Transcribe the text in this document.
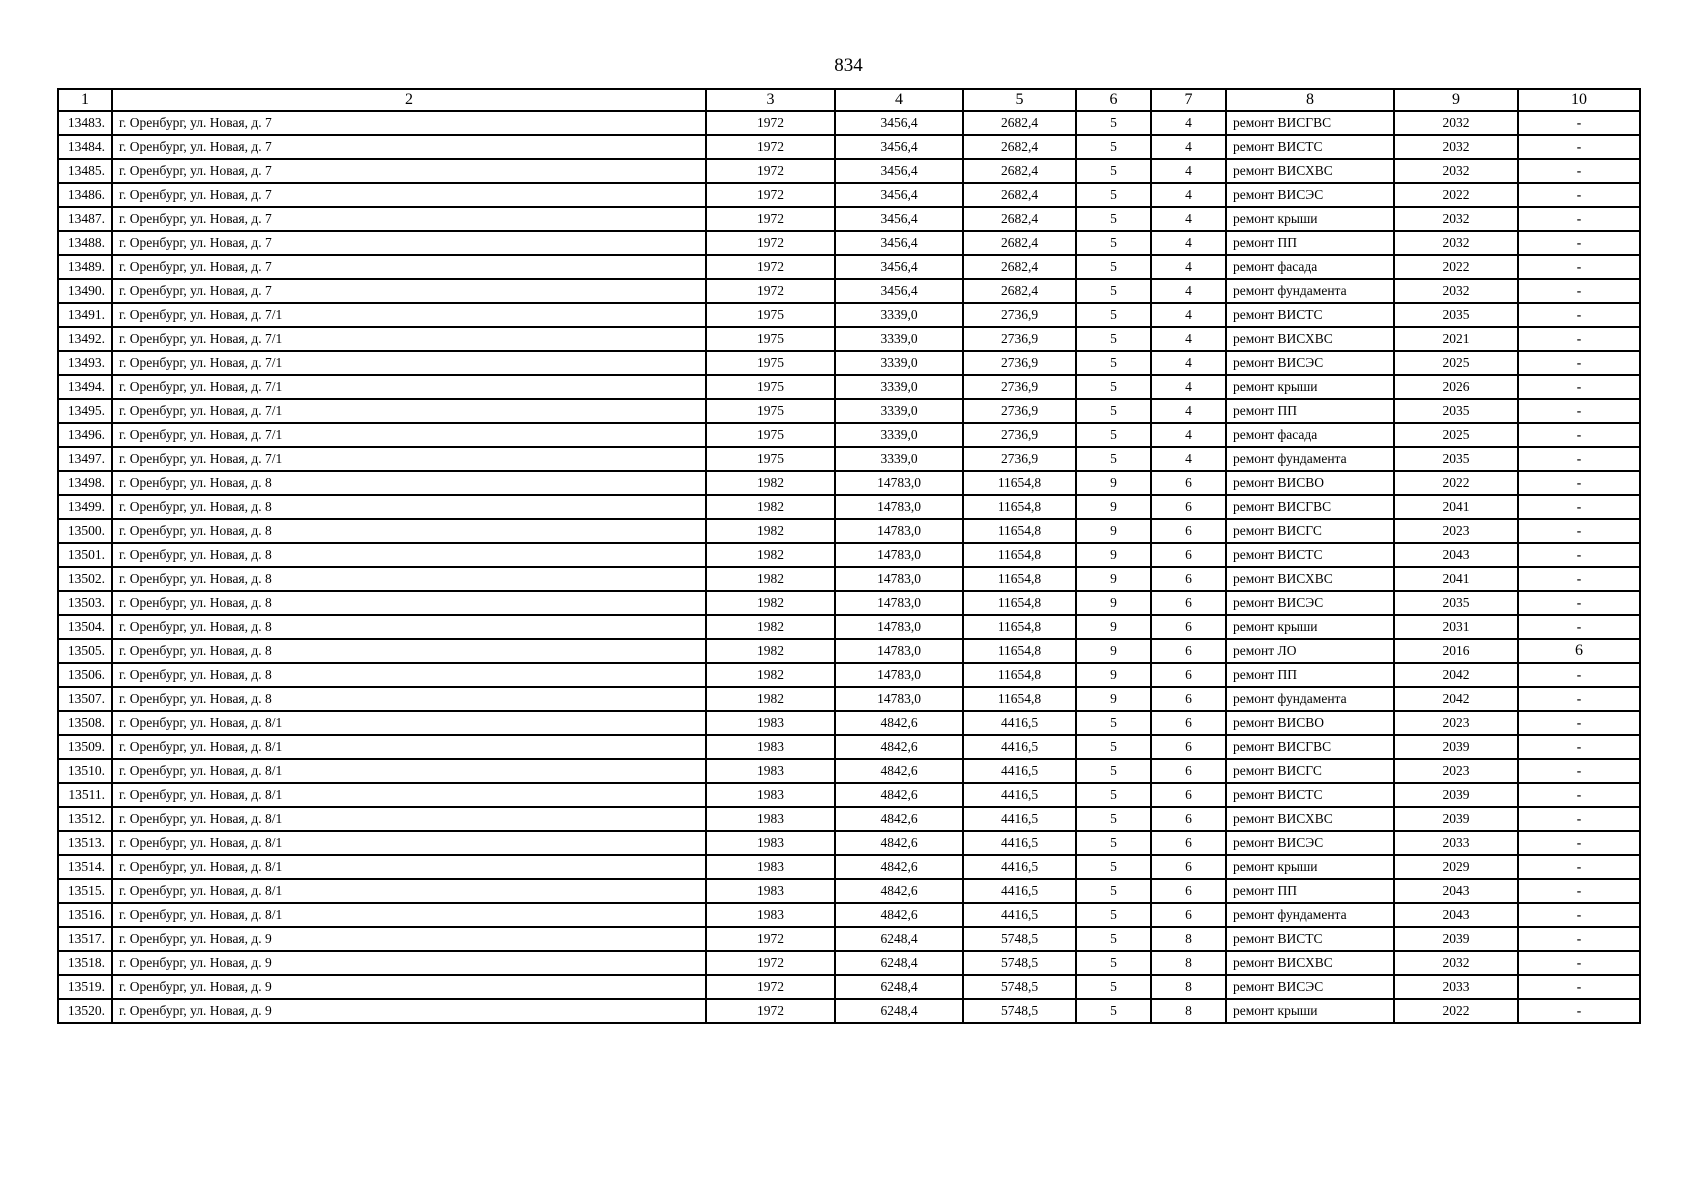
834
1	2	3	4	5	6	7	8	9	10
13483.	г. Оренбург, ул. Новая, д. 7	1972	3456,4	2682,4	5	4	ремонт ВИСГВС	2032	-
13484.	г. Оренбург, ул. Новая, д. 7	1972	3456,4	2682,4	5	4	ремонт ВИСТС	2032	-
13485.	г. Оренбург, ул. Новая, д. 7	1972	3456,4	2682,4	5	4	ремонт ВИСХВС	2032	-
13486.	г. Оренбург, ул. Новая, д. 7	1972	3456,4	2682,4	5	4	ремонт ВИСЭС	2022	-
13487.	г. Оренбург, ул. Новая, д. 7	1972	3456,4	2682,4	5	4	ремонт крыши	2032	-
13488.	г. Оренбург, ул. Новая, д. 7	1972	3456,4	2682,4	5	4	ремонт ПП	2032	-
13489.	г. Оренбург, ул. Новая, д. 7	1972	3456,4	2682,4	5	4	ремонт фасада	2022	-
13490.	г. Оренбург, ул. Новая, д. 7	1972	3456,4	2682,4	5	4	ремонт фундамента	2032	-
13491.	г. Оренбург, ул. Новая, д. 7/1	1975	3339,0	2736,9	5	4	ремонт ВИСТС	2035	-
13492.	г. Оренбург, ул. Новая, д. 7/1	1975	3339,0	2736,9	5	4	ремонт ВИСХВС	2021	-
13493.	г. Оренбург, ул. Новая, д. 7/1	1975	3339,0	2736,9	5	4	ремонт ВИСЭС	2025	-
13494.	г. Оренбург, ул. Новая, д. 7/1	1975	3339,0	2736,9	5	4	ремонт крыши	2026	-
13495.	г. Оренбург, ул. Новая, д. 7/1	1975	3339,0	2736,9	5	4	ремонт ПП	2035	-
13496.	г. Оренбург, ул. Новая, д. 7/1	1975	3339,0	2736,9	5	4	ремонт фасада	2025	-
13497.	г. Оренбург, ул. Новая, д. 7/1	1975	3339,0	2736,9	5	4	ремонт фундамента	2035	-
13498.	г. Оренбург, ул. Новая, д. 8	1982	14783,0	11654,8	9	6	ремонт ВИСВО	2022	-
13499.	г. Оренбург, ул. Новая, д. 8	1982	14783,0	11654,8	9	6	ремонт ВИСГВС	2041	-
13500.	г. Оренбург, ул. Новая, д. 8	1982	14783,0	11654,8	9	6	ремонт ВИСГС	2023	-
13501.	г. Оренбург, ул. Новая, д. 8	1982	14783,0	11654,8	9	6	ремонт ВИСТС	2043	-
13502.	г. Оренбург, ул. Новая, д. 8	1982	14783,0	11654,8	9	6	ремонт ВИСХВС	2041	-
13503.	г. Оренбург, ул. Новая, д. 8	1982	14783,0	11654,8	9	6	ремонт ВИСЭС	2035	-
13504.	г. Оренбург, ул. Новая, д. 8	1982	14783,0	11654,8	9	6	ремонт крыши	2031	-
13505.	г. Оренбург, ул. Новая, д. 8	1982	14783,0	11654,8	9	6	ремонт ЛО	2016	6
13506.	г. Оренбург, ул. Новая, д. 8	1982	14783,0	11654,8	9	6	ремонт ПП	2042	-
13507.	г. Оренбург, ул. Новая, д. 8	1982	14783,0	11654,8	9	6	ремонт фундамента	2042	-
13508.	г. Оренбург, ул. Новая, д. 8/1	1983	4842,6	4416,5	5	6	ремонт ВИСВО	2023	-
13509.	г. Оренбург, ул. Новая, д. 8/1	1983	4842,6	4416,5	5	6	ремонт ВИСГВС	2039	-
13510.	г. Оренбург, ул. Новая, д. 8/1	1983	4842,6	4416,5	5	6	ремонт ВИСГС	2023	-
13511.	г. Оренбург, ул. Новая, д. 8/1	1983	4842,6	4416,5	5	6	ремонт ВИСТС	2039	-
13512.	г. Оренбург, ул. Новая, д. 8/1	1983	4842,6	4416,5	5	6	ремонт ВИСХВС	2039	-
13513.	г. Оренбург, ул. Новая, д. 8/1	1983	4842,6	4416,5	5	6	ремонт ВИСЭС	2033	-
13514.	г. Оренбург, ул. Новая, д. 8/1	1983	4842,6	4416,5	5	6	ремонт крыши	2029	-
13515.	г. Оренбург, ул. Новая, д. 8/1	1983	4842,6	4416,5	5	6	ремонт ПП	2043	-
13516.	г. Оренбург, ул. Новая, д. 8/1	1983	4842,6	4416,5	5	6	ремонт фундамента	2043	-
13517.	г. Оренбург, ул. Новая, д. 9	1972	6248,4	5748,5	5	8	ремонт ВИСТС	2039	-
13518.	г. Оренбург, ул. Новая, д. 9	1972	6248,4	5748,5	5	8	ремонт ВИСХВС	2032	-
13519.	г. Оренбург, ул. Новая, д. 9	1972	6248,4	5748,5	5	8	ремонт ВИСЭС	2033	-
13520.	г. Оренбург, ул. Новая, д. 9	1972	6248,4	5748,5	5	8	ремонт крыши	2022	-
